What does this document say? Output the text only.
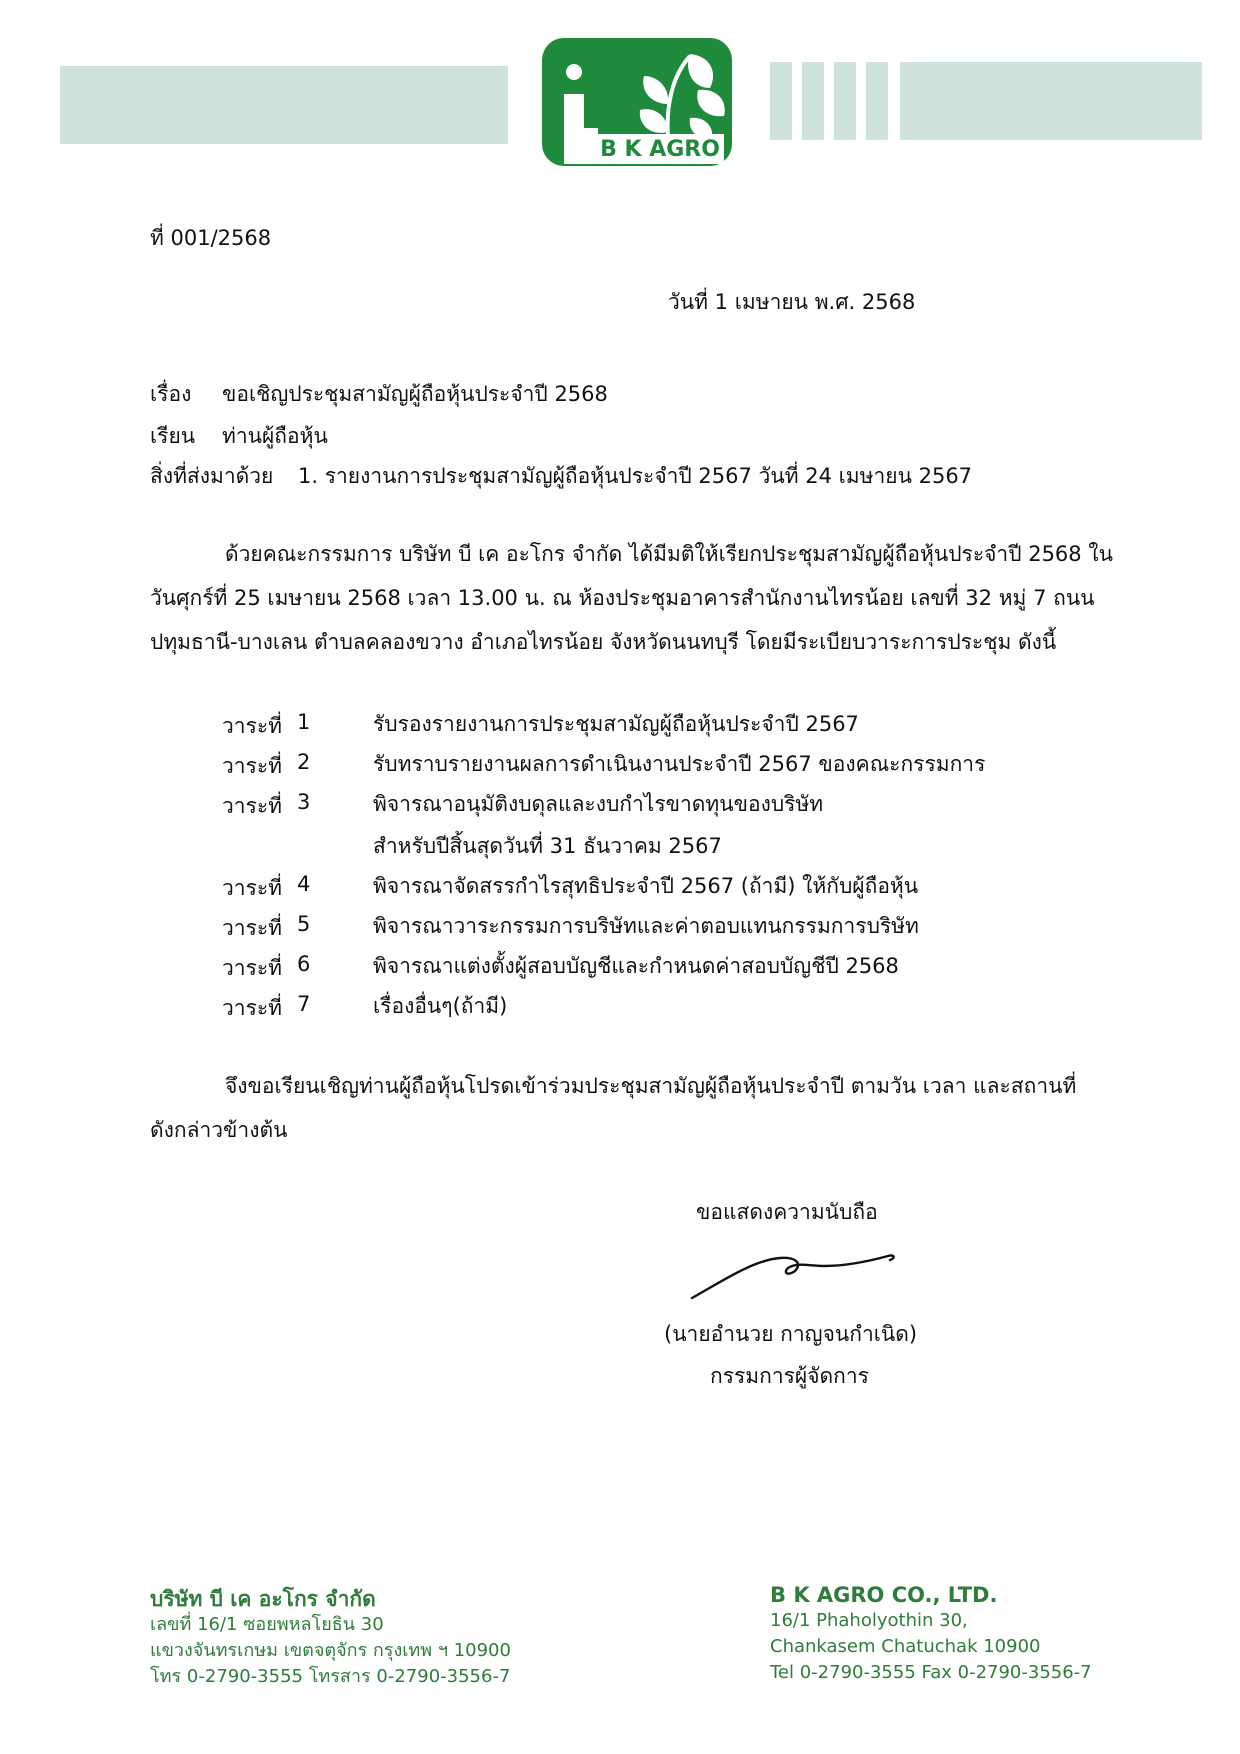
B K AGRO
ที่ 001/2568
วันที่ 1 เมษายน พ.ศ. 2568
เรื่อง ขอเชิญประชุมสามัญผู้ถือหุ้นประจำปี 2568
เรียน ท่านผู้ถือหุ้น
สิ่งที่ส่งมาด้วย 1. รายงานการประชุมสามัญผู้ถือหุ้นประจำปี 2567 วันที่ 24 เมษายน 2567
ด้วยคณะกรรมการ บริษัท บี เค อะโกร จำกัด ได้มีมติให้เรียกประชุมสามัญผู้ถือหุ้นประจำปี 2568 ใน
วันศุกร์ที่ 25 เมษายน 2568 เวลา 13.00 น. ณ ห้องประชุมอาคารสำนักงานไทรน้อย เลขที่ 32 หมู่ 7 ถนน
ปทุมธานี-บางเลน ตำบลคลองขวาง อำเภอไทรน้อย จังหวัดนนทบุรี โดยมีระเบียบวาระการประชุม ดังนี้
วาระที่ 1	รับรองรายงานการประชุมสามัญผู้ถือหุ้นประจำปี 2567
วาระที่ 2	รับทราบรายงานผลการดำเนินงานประจำปี 2567 ของคณะกรรมการ
วาระที่ 3	พิจารณาอนุมัติงบดุลและงบกำไรขาดทุนของบริษัท
สำหรับปีสิ้นสุดวันที่ 31 ธันวาคม 2567
วาระที่ 4	พิจารณาจัดสรรกำไรสุทธิประจำปี 2567 (ถ้ามี) ให้กับผู้ถือหุ้น
วาระที่ 5	พิจารณาวาระกรรมการบริษัทและค่าตอบแทนกรรมการบริษัท
วาระที่ 6	พิจารณาแต่งตั้งผู้สอบบัญชีและกำหนดค่าสอบบัญชีปี 2568
วาระที่ 7	เรื่องอื่นๆ(ถ้ามี)
จึงขอเรียนเชิญท่านผู้ถือหุ้นโปรดเข้าร่วมประชุมสามัญผู้ถือหุ้นประจำปี ตามวัน เวลา และสถานที่
ดังกล่าวข้างต้น
ขอแสดงความนับถือ
(นายอำนวย กาญจนกำเนิด)
กรรมการผู้จัดการ
บริษัท บี เค อะโกร จำกัด
เลขที่ 16/1 ซอยพหลโยธิน 30
แขวงจันทรเกษม เขตจตุจักร กรุงเทพ ฯ 10900
โทร 0-2790-3555 โทรสาร 0-2790-3556-7
B K AGRO CO., LTD.
16/1 Phaholyothin 30,
Chankasem Chatuchak 10900
Tel 0-2790-3555 Fax 0-2790-3556-7
